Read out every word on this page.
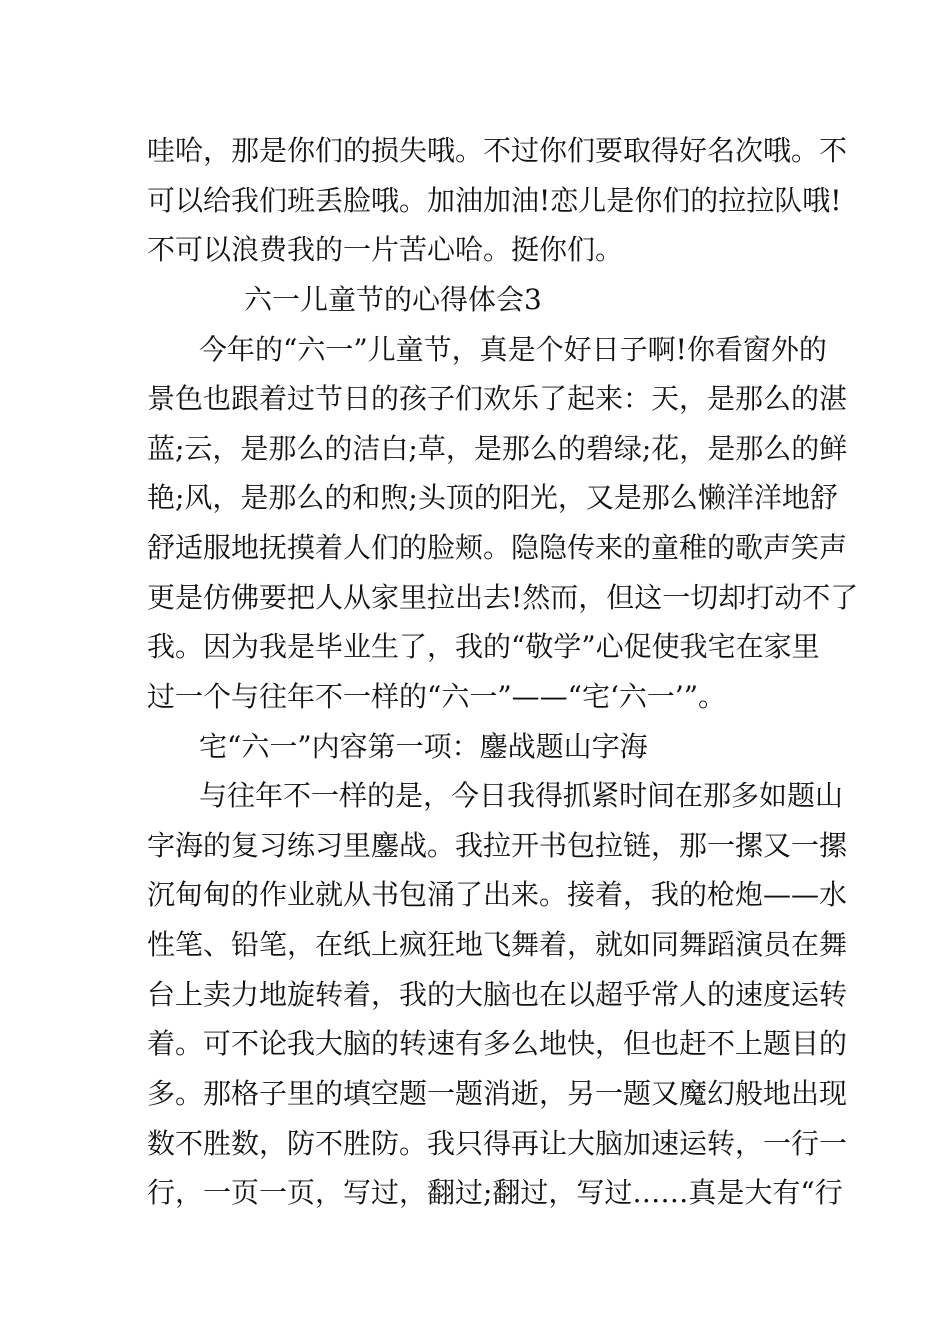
哇哈，那是你们的损失哦。不过你们要取得好名次哦。不
可以给我们班丢脸哦。加油加油!恋儿是你们的拉拉队哦!
不可以浪费我的一片苦心哈。挺你们。
六一儿童节的心得体会3
今年的“六一”儿童节，真是个好日子啊!你看窗外的
景色也跟着过节日的孩子们欢乐了起来：天，是那么的湛
蓝;云，是那么的洁白;草，是那么的碧绿;花，是那么的鲜
艳;风，是那么的和煦;头顶的阳光，又是那么懒洋洋地舒
舒适服地抚摸着人们的脸颊。隐隐传来的童稚的歌声笑声
更是仿佛要把人从家里拉出去!然而，但这一切却打动不了
我。因为我是毕业生了，我的“敬学”心促使我宅在家里
过一个与往年不一样的“六一”——“宅‘六一’”。
宅“六一”内容第一项：鏖战题山字海
与往年不一样的是，今日我得抓紧时间在那多如题山
字海的复习练习里鏖战。我拉开书包拉链，那一摞又一摞
沉甸甸的作业就从书包涌了出来。接着，我的枪炮——水
性笔、铅笔，在纸上疯狂地飞舞着，就如同舞蹈演员在舞
台上卖力地旋转着，我的大脑也在以超乎常人的速度运转
着。可不论我大脑的转速有多么地快，但也赶不上题目的
多。那格子里的填空题一题消逝，另一题又魔幻般地出现
数不胜数，防不胜防。我只得再让大脑加速运转，一行一
行，一页一页，写过，翻过;翻过，写过……真是大有“行
